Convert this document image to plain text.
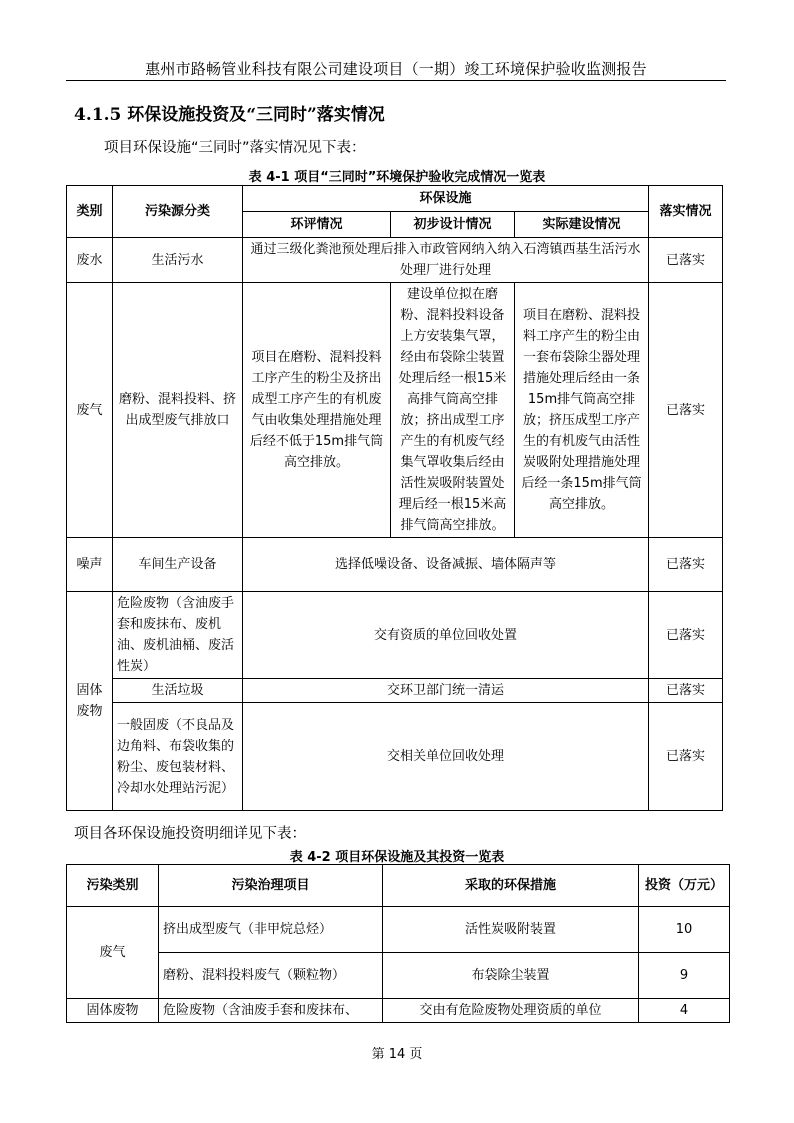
惠州市路畅管业科技有限公司建设项目（一期）竣工环境保护验收监测报告
4.1.5 环保设施投资及“三同时”落实情况
项目环保设施“三同时”落实情况见下表：
表 4-1 项目“三同时”环境保护验收完成情况一览表
类别	污染源分类	环保设施			落实情况
		环评情况	初步设计情况	实际建设情况	
废水	生活污水	通过三级化粪池预处理后排入市政管网纳入纳入石湾镇西基生活污水处理厂进行处理			已落实
废气	磨粉、混料投料、挤出成型废气排放口	项目在磨粉、混料投料工序产生的粉尘及挤出成型工序产生的有机废气由收集处理措施处理后经不低于15m排气筒高空排放。	建设单位拟在磨粉、混料投料设备上方安装集气罩，经由布袋除尘装置处理后经一根15米高排气筒高空排放；挤出成型工序产生的有机废气经集气罩收集后经由活性炭吸附装置处理后经一根15米高排气筒高空排放。	项目在磨粉、混料投料工序产生的粉尘由一套布袋除尘器处理措施处理后经由一条15m排气筒高空排放；挤压成型工序产生的有机废气由活性炭吸附处理措施处理后经一条15m排气筒高空排放。	已落实
噪声	车间生产设备	选择低噪设备、设备减振、墙体隔声等			已落实
固体废物	危险废物（含油废手套和废抹布、废机油、废机油桶、废活性炭）	交有资质的单位回收处置			已落实
	生活垃圾	交环卫部门统一清运			已落实
	一般固废（不良品及边角料、布袋收集的粉尘、废包装材料、冷却水处理站污泥）	交相关单位回收处理			已落实
项目各环保设施投资明细详见下表：
表 4-2 项目环保设施及其投资一览表
污染类别	污染治理项目	采取的环保措施	投资（万元）
废气	挤出成型废气（非甲烷总烃）	活性炭吸附装置	10
	磨粉、混料投料废气（颗粒物）	布袋除尘装置	9
固体废物	危险废物（含油废手套和废抹布、	交由有危险废物处理资质的单位	4
第 14 页
